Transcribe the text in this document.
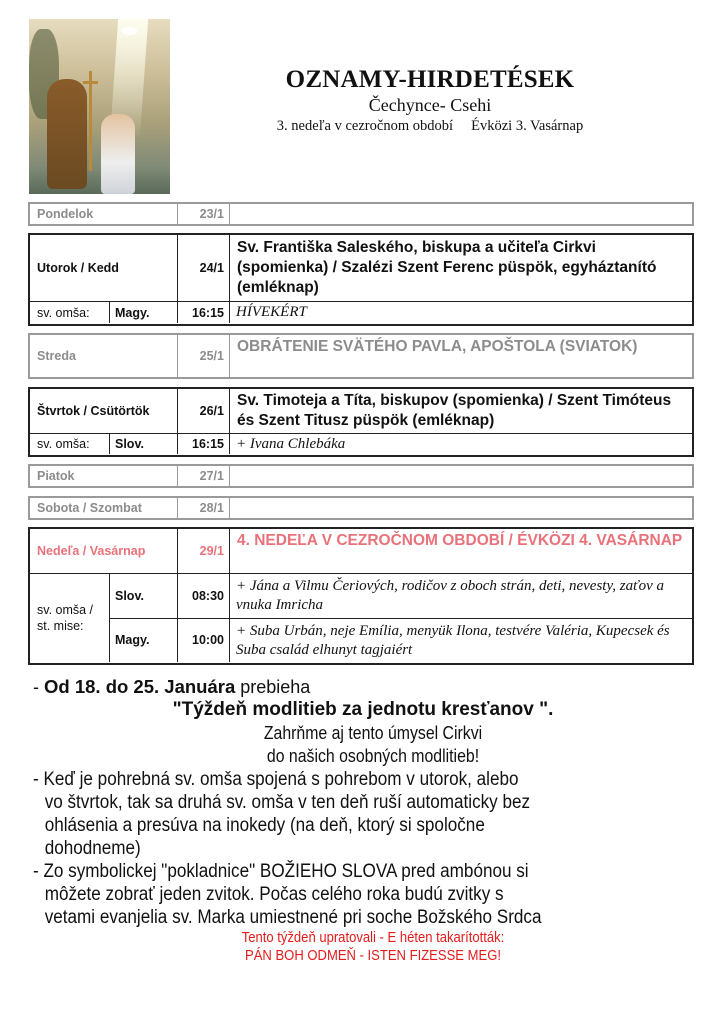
OZNAMY-HIRDETÉSEK
Čechynce- Csehi
3. nedeľa v cezročnom období     Évközi 3. Vasárnap
Pondelok	23/1
Utorok / Kedd	24/1
Sv. Františka Saleského, biskupa a učiteľa Cirkvi (spomienka) / Szalézi Szent Ferenc püspök, egyháztanító (emléknap)
sv. omša:	Magy.	16:15 HÍVEKÉRT
Streda	25/1
OBRÁTENIE SVÄTÉHO PAVLA, APOŠTOLA (SVIATOK)
Štvrtok / Csütörtök	26/1
Sv. Timoteja a Títa, biskupov (spomienka) / Szent Timóteus és Szent Titusz püspök (emléknap)
sv. omša:	Slov.	16:15 + Ivana Chlebáka
Piatok	27/1
Sobota / Szombat	28/1
Nedeľa / Vasárnap	29/1
4. NEDEĽA V CEZROČNOM OBDOBÍ / ÉVKÖZI 4. VASÁRNAP
sv. omša / st. mise:
Slov.	08:30
+ Jána a Vilmu Čeriových, rodičov z oboch strán, deti, nevesty, zaťov a vnuka Imricha
Magy.	10:00
+ Suba Urbán, neje Emília, menyük Ilona, testvére Valéria, Kupecsek és Suba család elhunyt tagjaiért
- Od 18. do 25. Januára prebieha
"Týždeň modlitieb za jednotu kresťanov ".
Zahrňme aj tento úmysel Cirkvi
do našich osobných modlitieb!
- Keď je pohrebná sv. omša spojená s pohrebom v utorok, alebo
vo štvrtok, tak sa druhá sv. omša v ten deň ruší automaticky bez
ohlásenia a presúva na inokedy (na deň, ktorý si spoločne
dohodneme)
- Zo symbolickej "pokladnice" BOŽIEHO SLOVA pred ambónou si
môžete zobrať jeden zvitok. Počas celého roka budú zvitky s
vetami evanjelia sv. Marka umiestnené pri soche Božského Srdca
Tento týždeň upratovali - E héten takarították:
PÁN BOH ODMEŇ - ISTEN FIZESSE MEG!
